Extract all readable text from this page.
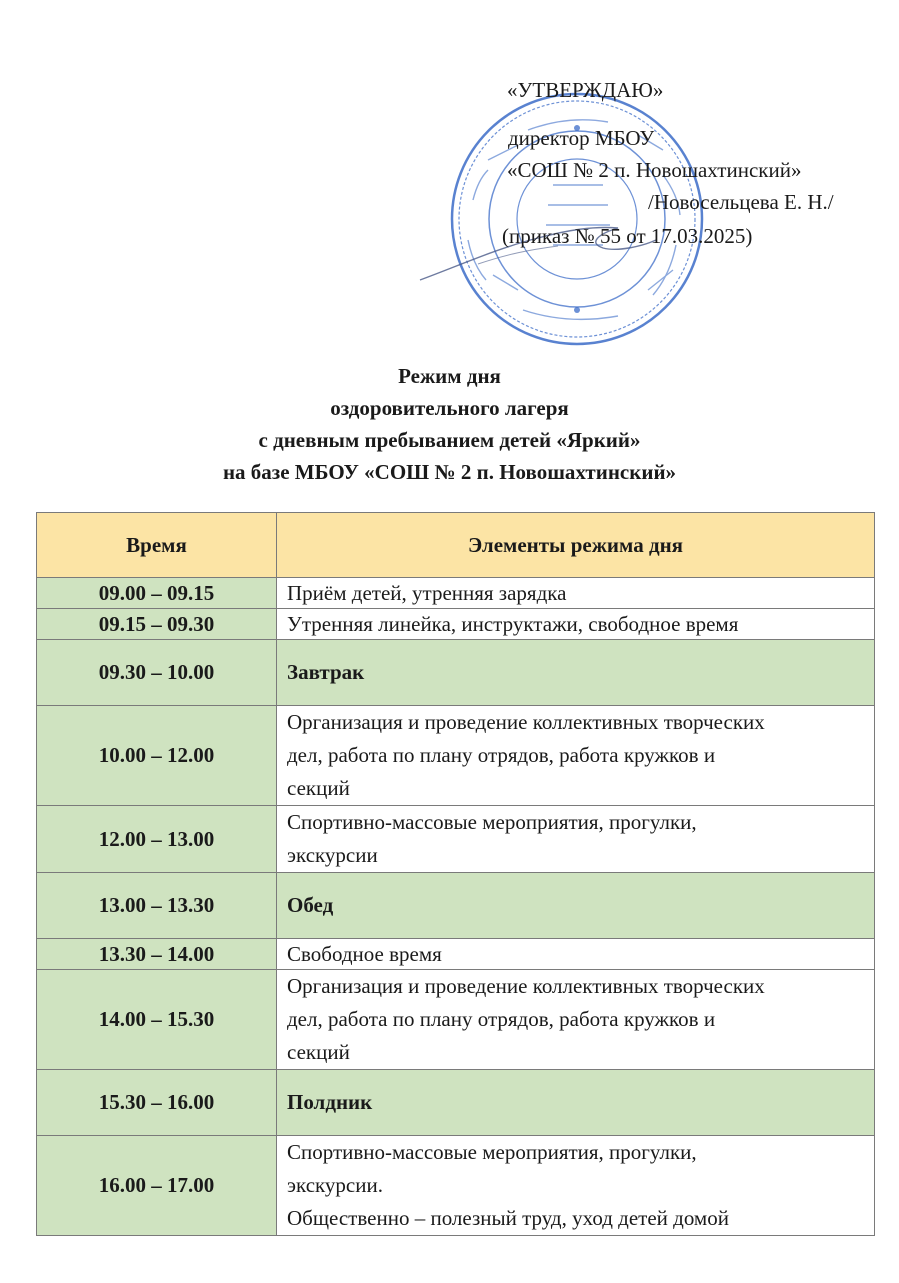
«УТВЕРЖДАЮ»
директор МБОУ
«СОШ № 2 п. Новошахтинский»
/Новосельцева Е. Н./
(приказ № 55 от 17.03.2025)
Режим дня
оздоровительного лагеря
с дневным пребыванием детей «Яркий»
на базе МБОУ «СОШ № 2 п. Новошахтинский»
Время	Элементы режима дня
09.00 – 09.15	Приём детей, утренняя зарядка
09.15 – 09.30	Утренняя линейка, инструктажи, свободное время
09.30 – 10.00	Завтрак
10.00 – 12.00	Организация и проведение коллективных творческих
дел, работа по плану отрядов, работа кружков и
секций

12.00 – 13.00	Спортивно-массовые мероприятия, прогулки,
экскурсии

13.00 – 13.30	Обед
13.30 – 14.00	Свободное время
14.00 – 15.30	Организация и проведение коллективных творческих
дел, работа по плану отрядов, работа кружков и
секций

15.30 – 16.00	Полдник
16.00 – 17.00	Спортивно-массовые мероприятия, прогулки,
экскурсии.
Общественно – полезный труд, уход детей домой
